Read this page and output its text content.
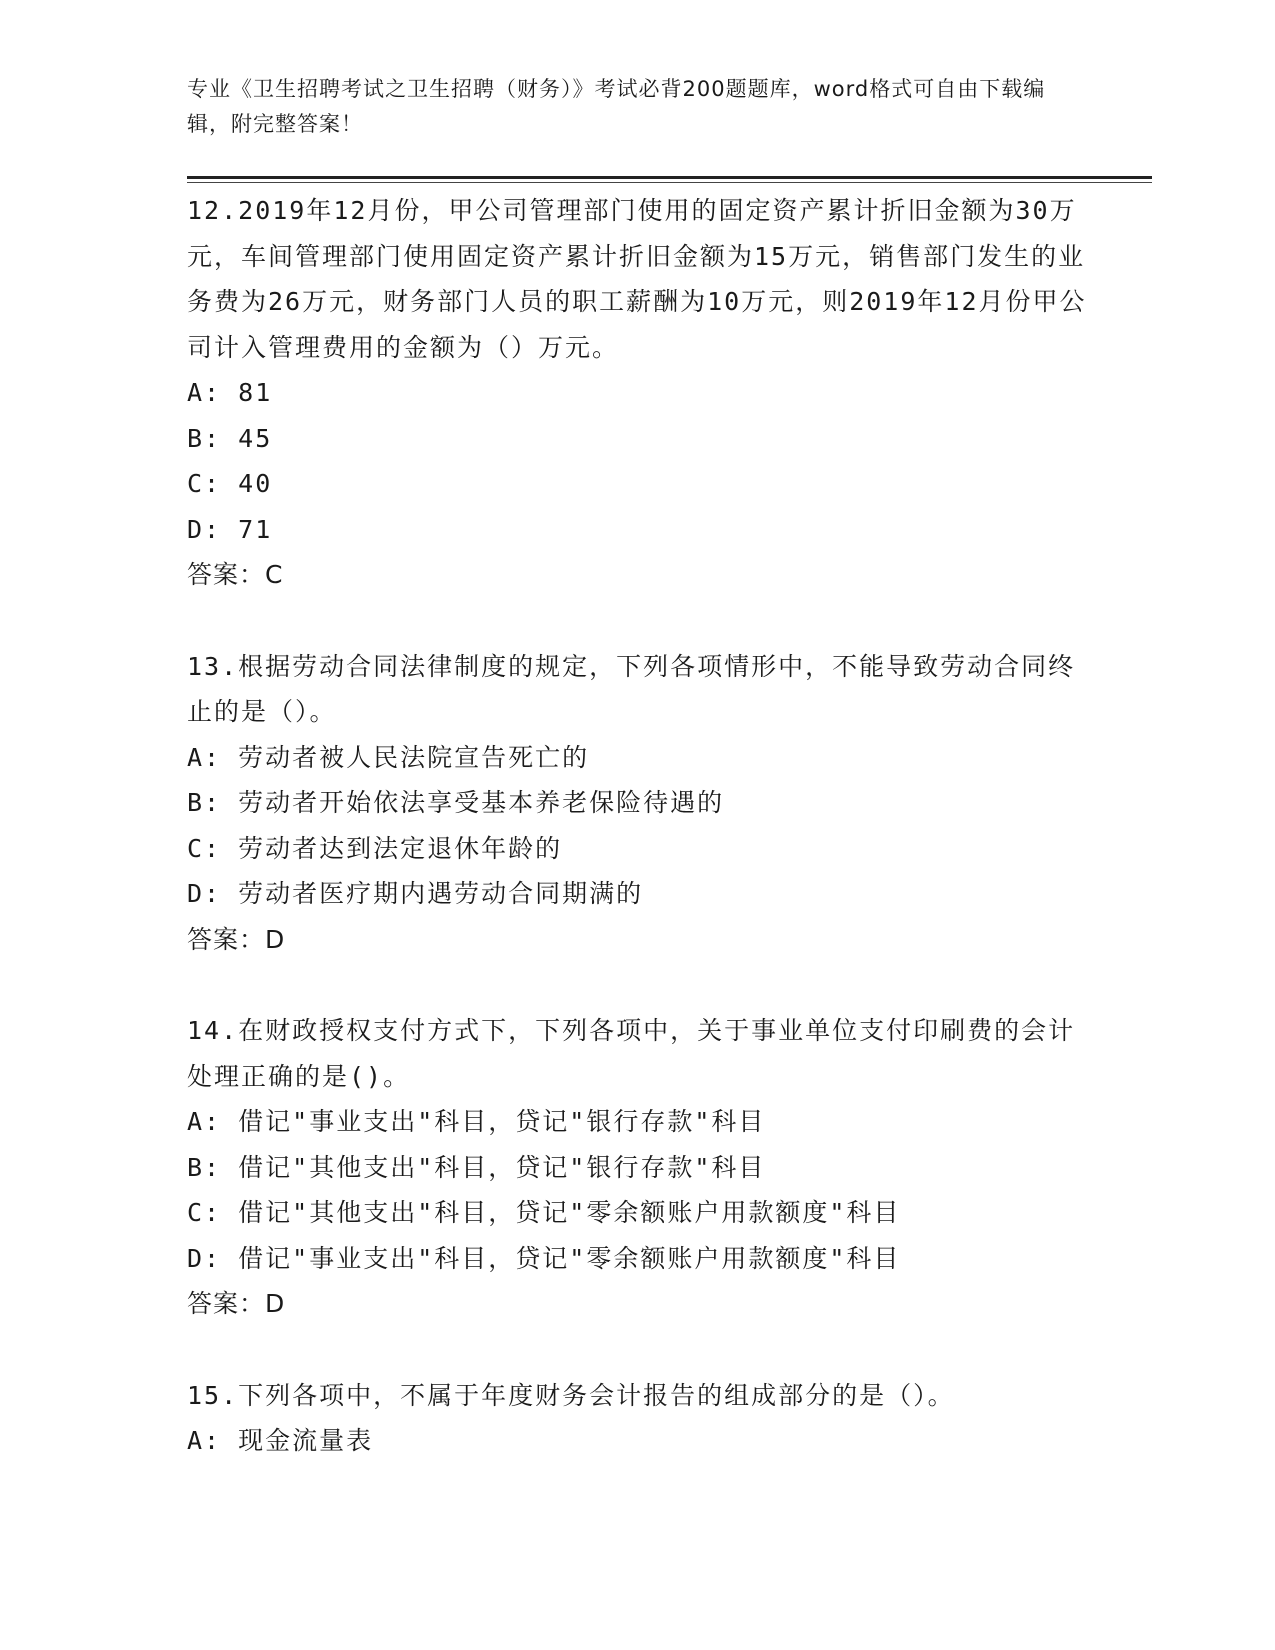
专业《卫生招聘考试之卫生招聘（财务）》考试必背200题题库，word格式可自由下载编辑，附完整答案！

12.2019年12月份，甲公司管理部门使用的固定资产累计折旧金额为30万元，车间管理部门使用固定资产累计折旧金额为15万元，销售部门发生的业务费为26万元，财务部门人员的职工薪酬为10万元，则2019年12月份甲公司计入管理费用的金额为（）万元。

A: 81
B: 45
C: 40
D: 71
答案：C

13.根据劳动合同法律制度的规定，下列各项情形中，不能导致劳动合同终止的是（）。

A: 劳动者被人民法院宣告死亡的
B: 劳动者开始依法享受基本养老保险待遇的
C: 劳动者达到法定退休年龄的
D: 劳动者医疗期内遇劳动合同期满的
答案：D

14.在财政授权支付方式下，下列各项中，关于事业单位支付印刷费的会计处理正确的是()。

A: 借记"事业支出"科目，贷记"银行存款"科目
B: 借记"其他支出"科目，贷记"银行存款"科目
C: 借记"其他支出"科目，贷记"零余额账户用款额度"科目
D: 借记"事业支出"科目，贷记"零余额账户用款额度"科目
答案：D

15.下列各项中，不属于年度财务会计报告的组成部分的是（）。

A: 现金流量表
